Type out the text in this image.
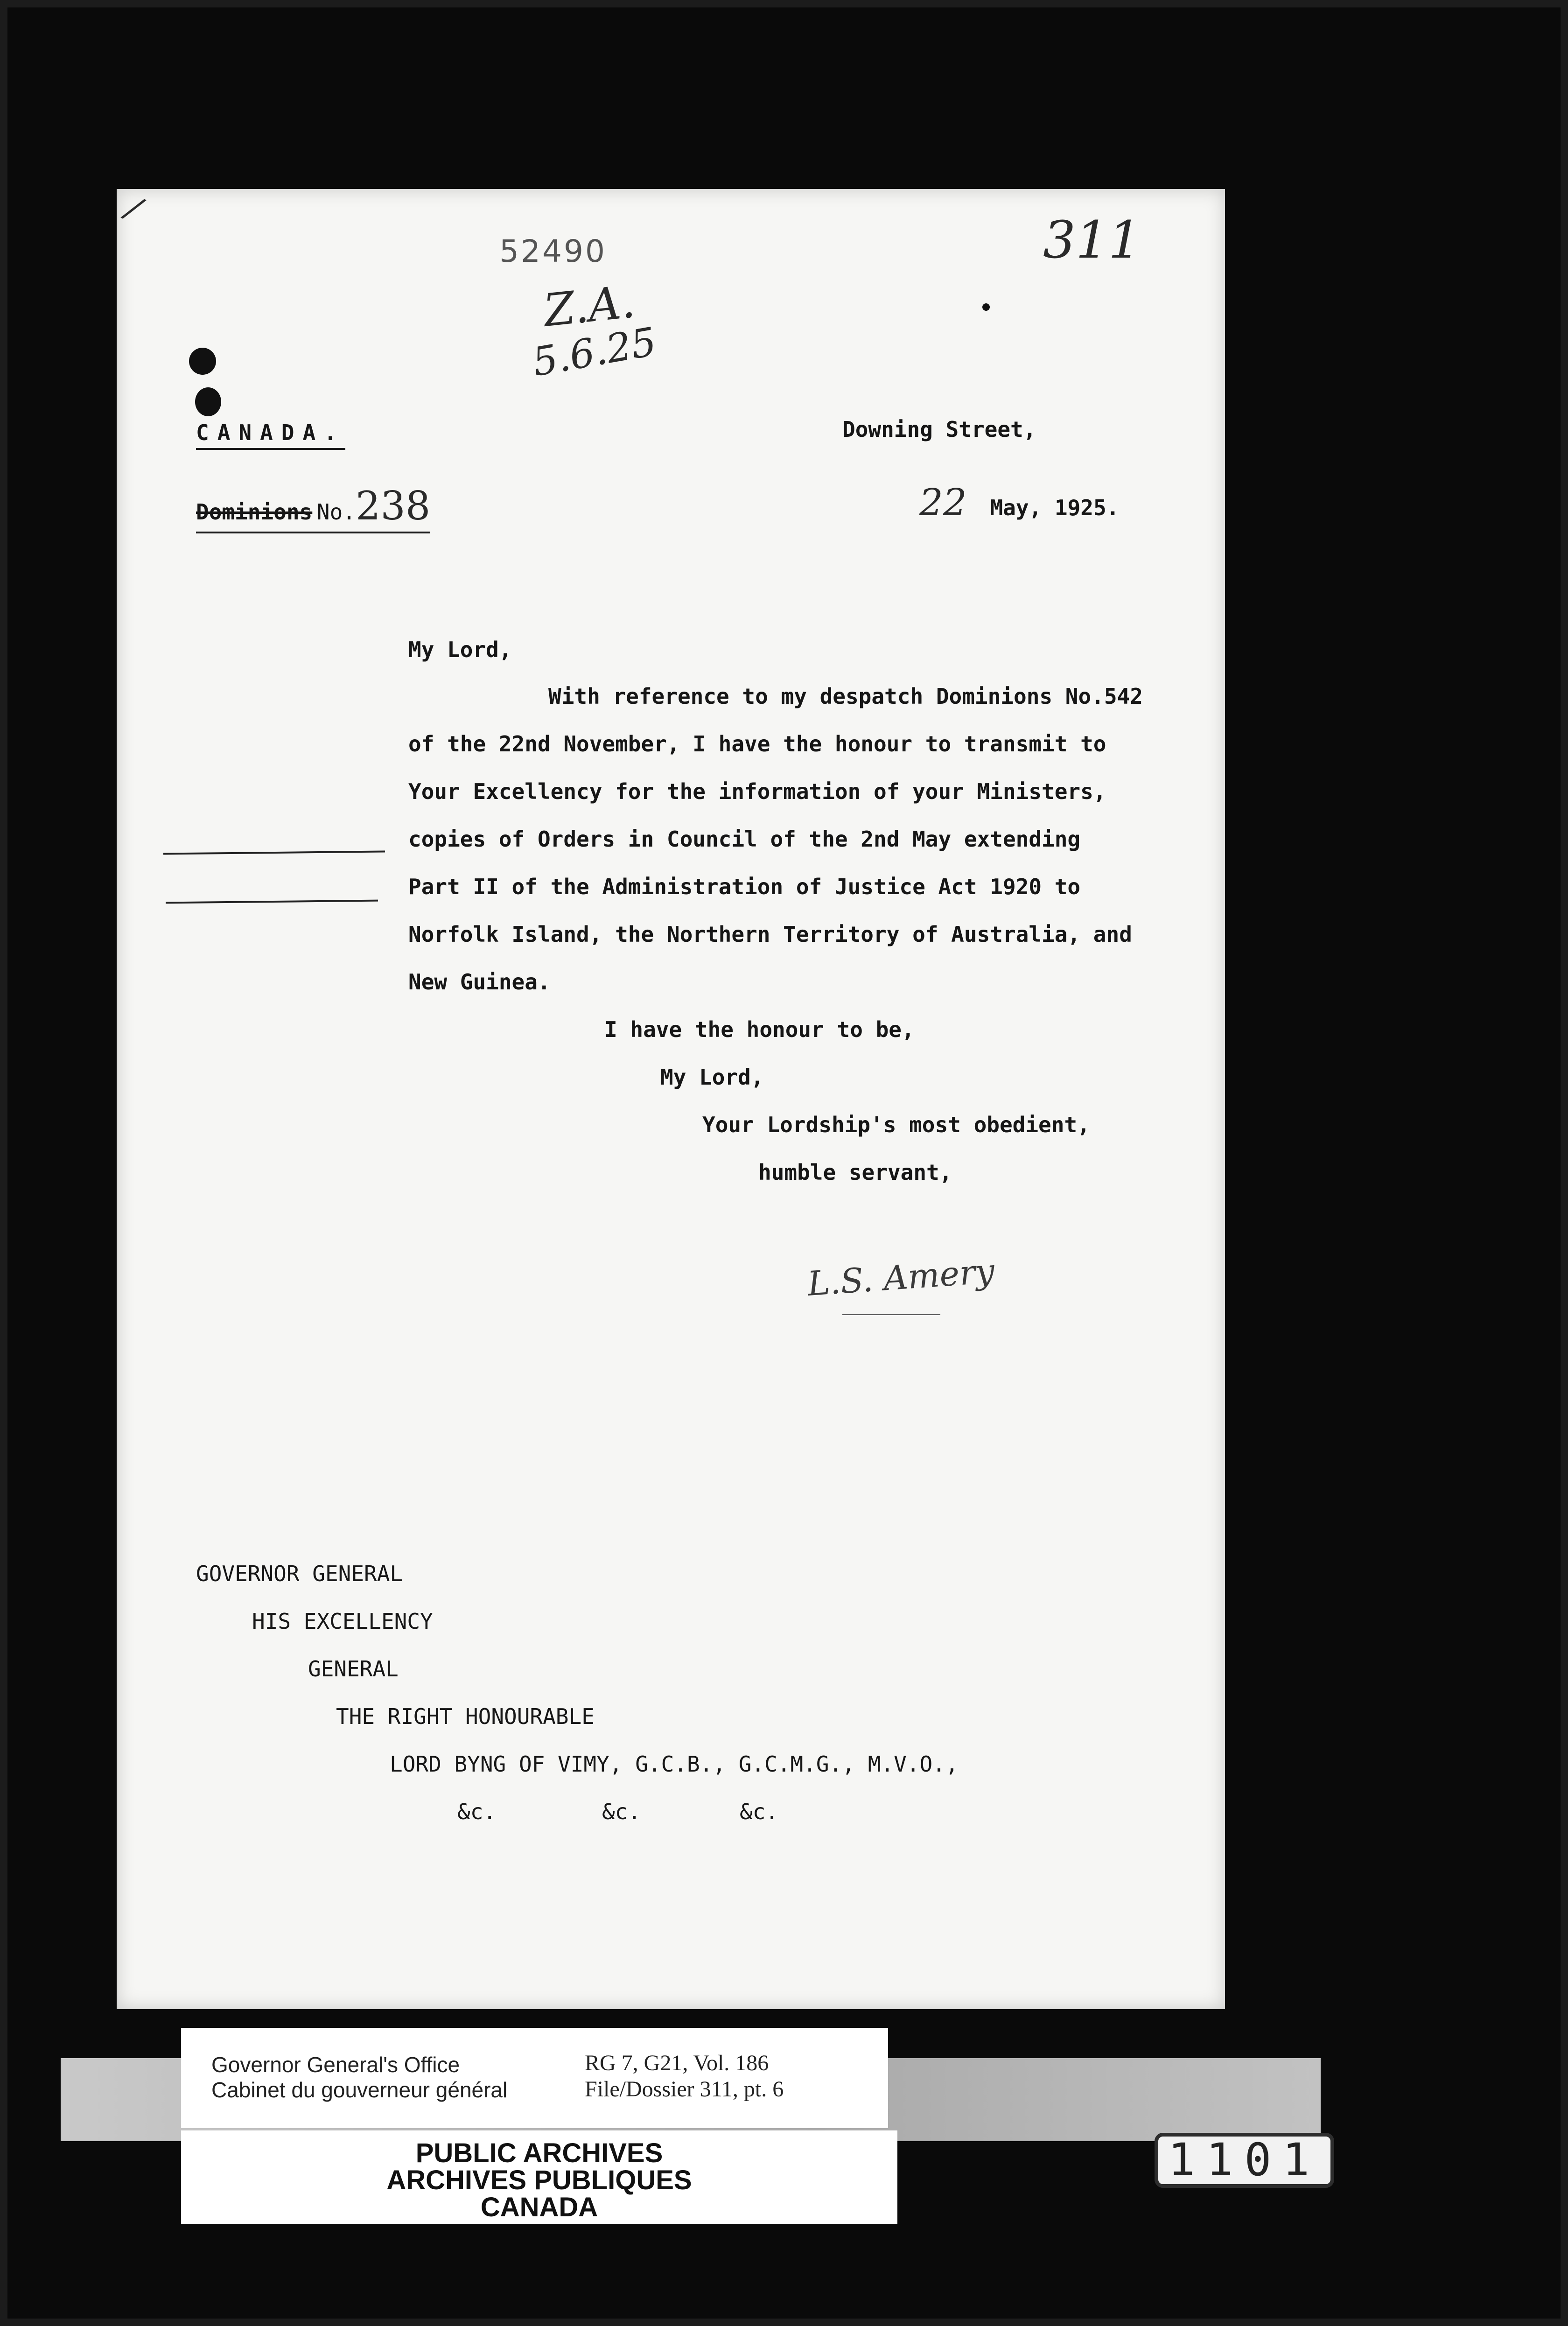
52490	311
Z.A.
5.6.25
/
CANADA.	Downing Street,
Dominions No.238	22 May, 1925.
My Lord,
With reference to my despatch Dominions No.542
of the 22nd November, I have the honour to transmit to
Your Excellency for the information of your Ministers,
copies of Orders in Council of the 2nd May extending
Part II of the Administration of Justice Act 1920 to
Norfolk Island, the Northern Territory of Australia, and
New Guinea.
I have the honour to be,
My Lord,
Your Lordship's most obedient,
humble servant,
L.S. Amery
GOVERNOR GENERAL
HIS EXCELLENCY
GENERAL
THE RIGHT HONOURABLE
LORD BYNG OF VIMY, G.C.B., G.C.M.G., M.V.O.,
&c.	&c.	&c.
Governor General's Office
Cabinet du gouverneur général
RG 7, G21, Vol. 186
File/Dossier 311, pt. 6
PUBLIC ARCHIVES
ARCHIVES PUBLIQUES
CANADA
1101
